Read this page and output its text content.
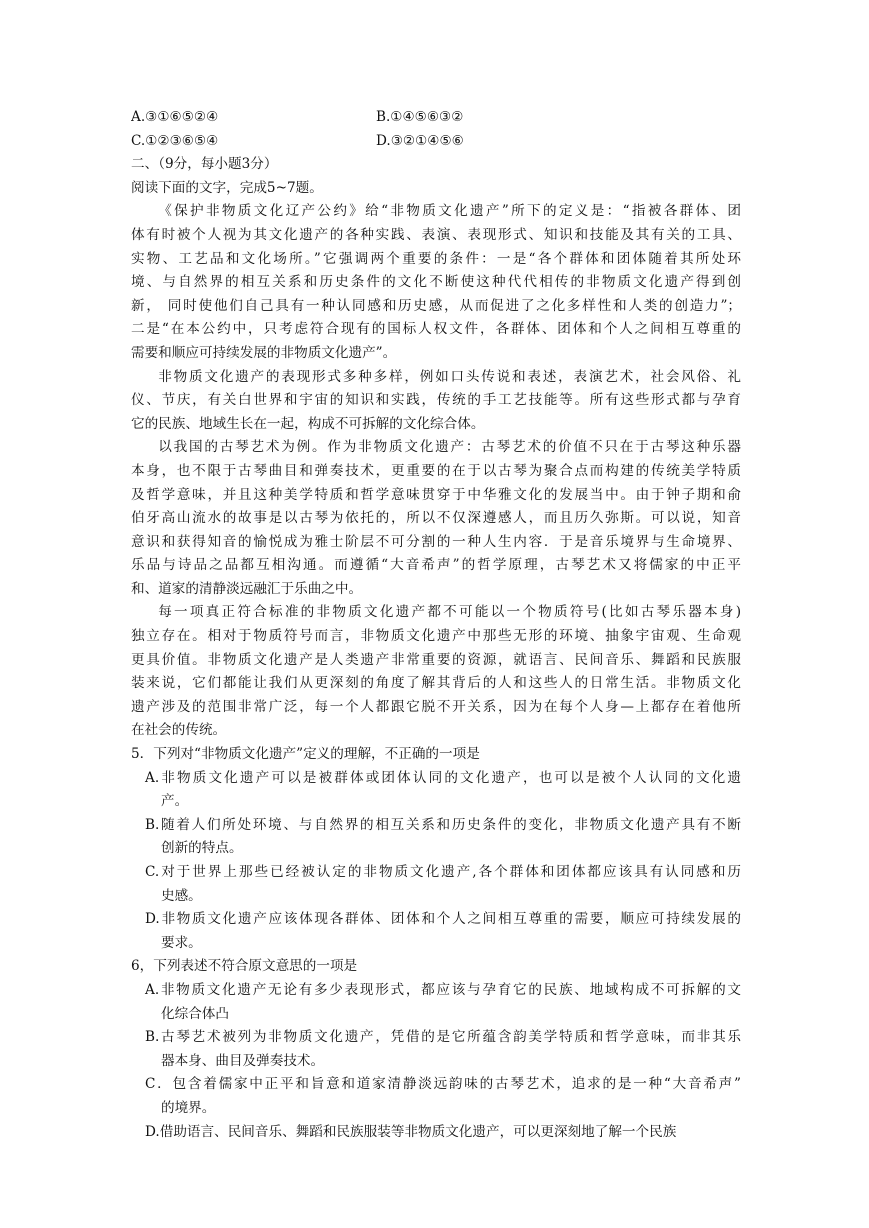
A.③①⑥⑤②④	B.①④⑤⑥③②
C.①②③⑥⑤④	D.③②①④⑤⑥
二、（9分，每小题3分）
阅读下面的文字，完成5~7题。
《保护非物质文化辽产公约》给“非物质文化遗产”所下的定义是：“指被各群体、团
体有时被个人视为其文化遗产的各种实践、表演、表现形式、知识和技能及其有关的工具、
实物、工艺品和文化场所。”它强调两个重要的条件：一是“各个群体和团体随着其所处环
境、与自然界的相互关系和历史条件的文化不断使这种代代相传的非物质文化遗产得到创
新， 同时使他们自己具有一种认同感和历史感，从而促进了之化多样性和人类的创造力”；
二是“在本公约中，只考虑符合现有的国标人权文件，各群体、团体和个人之间相互尊重的
需要和顺应可持续发展的非物质文化遗产”。
非物质文化遗产的表现形式多种多样，例如口头传说和表述，表演艺术，社会风俗、礼
仪、节庆，有关白世界和宇宙的知识和实践，传统的手工艺技能等。所有这些形式都与孕育
它的民族、地域生长在一起，构成不可拆解的文化综合体。
以我国的古琴艺术为例。作为非物质文化遗产：古琴艺术的价值不只在于古琴这种乐器
本身，也不限于古琴曲目和弹奏技术，更重要的在于以古琴为聚合点而构建的传统美学特质
及哲学意味，并且这种美学特质和哲学意味贯穿于中华雅文化的发展当中。由于钟子期和俞
伯牙高山流水的故事是以古琴为依托的，所以不仅深遵感人，而且历久弥斯。可以说，知音
意识和获得知音的愉悦成为雅士阶层不可分割的一种人生内容．于是音乐境界与生命境界、
乐品与诗品之品都互相沟通。而遵循“大音希声”的哲学原理，古琴艺术又将儒家的中正平
和、道家的清静淡远融汇于乐曲之中。
每一项真正符合标准的非物质文化遗产都不可能以一个物质符号(比如古琴乐器本身)
独立存在。相对于物质符号而言，非物质文化遗产中那些无形的环境、抽象宇宙观、生命观
更具价值。非物质文化遗产是人类遗产非常重要的资源，就语言、民间音乐、舞蹈和民族服
装来说，它们都能让我们从更深刻的角度了解其背后的人和这些人的日常生活。非物质文化
遗产涉及的范围非常广泛，每一个人都跟它脱不开关系，因为在每个人身—上都存在着他所
在社会的传统。
5．下列对“非物质文化遗产”定义的理解，不正确的一项是
A.非物质文化遗产可以是被群体或团体认同的文化遗产，也可以是被个人认同的文化遗
产。
B.随着人们所处环境、与自然界的相互关系和历史条件的变化，非物质文化遗产具有不断
创新的特点。
C.对于世界上那些已经被认定的非物质文化遗产,各个群体和团体都应该具有认同感和历
史感。
D.非物质文化遗产应该体现各群体、团体和个人之间相互尊重的需要，顺应可持续发展的
要求。
6，下列表述不符合原文意思的一项是
A.非物质文化遗产无论有多少表现形式，都应该与孕育它的民族、地域构成不可拆解的文
化综合体凸
B.古琴艺术被列为非物质文化遗产，凭借的是它所蕴含韵美学特质和哲学意味，而非其乐
器本身、曲目及弹奏技术。
C．包含着儒家中正平和旨意和道家清静淡远韵味的古琴艺术，追求的是一种“大音希声”
的境界。
D.借助语言、民间音乐、舞蹈和民族服装等非物质文化遗产，可以更深刻地了解一个民族
